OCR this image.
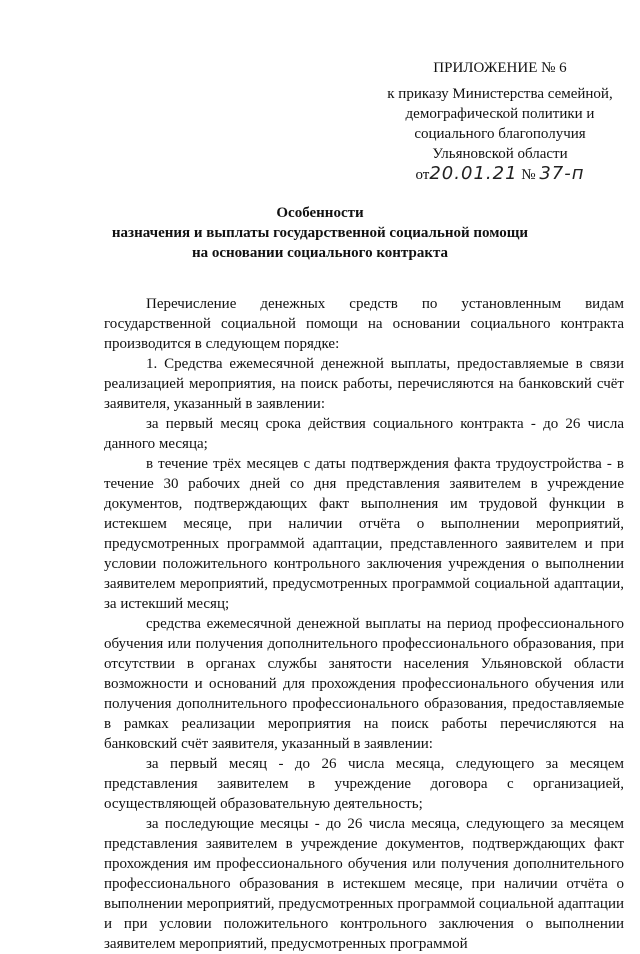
ПРИЛОЖЕНИЕ № 6
к приказу Министерства семейной,
демографической политики и
социального благополучия
Ульяновской области
от20.01.21 № 37-п
Особенности
назначения и выплаты государственной социальной помощи
на основании социального контракта

Перечисление денежных средств по установленным видам государственной социальной помощи на основании социального контракта производится в следующем порядке:

1. Средства ежемесячной денежной выплаты, предоставляемые в связи реализацией мероприятия, на поиск работы, перечисляются на банковский счёт заявителя, указанный в заявлении:

за первый месяц срока действия социального контракта - до 26 числа данного месяца;

в течение трёх месяцев с даты подтверждения факта трудоустройства - в течение 30 рабочих дней со дня представления заявителем в учреждение документов, подтверждающих факт выполнения им трудовой функции в истекшем месяце, при наличии отчёта о выполнении мероприятий, предусмотренных программой адаптации, представленного заявителем и при условии положительного контрольного заключения учреждения о выполнении заявителем мероприятий, предусмотренных программой социальной адаптации, за истекший месяц;

средства ежемесячной денежной выплаты на период профессионального обучения или получения дополнительного профессионального образования, при отсутствии в органах службы занятости населения Ульяновской области возможности и оснований для прохождения профессионального обучения или получения дополнительного профессионального образования, предоставляемые в рамках реализации мероприятия на поиск работы перечисляются на банковский счёт заявителя, указанный в заявлении:

за первый месяц - до 26 числа месяца, следующего за месяцем представления заявителем в учреждение договора с организацией, осуществляющей образовательную деятельность;

за последующие месяцы - до 26 числа месяца, следующего за месяцем представления заявителем в учреждение документов, подтверждающих факт прохождения им профессионального обучения или получения дополнительного профессионального образования в истекшем месяце, при наличии отчёта о выполнении мероприятий, предусмотренных программой социальной адаптации и при условии положительного контрольного заключения о выполнении заявителем мероприятий, предусмотренных программой
